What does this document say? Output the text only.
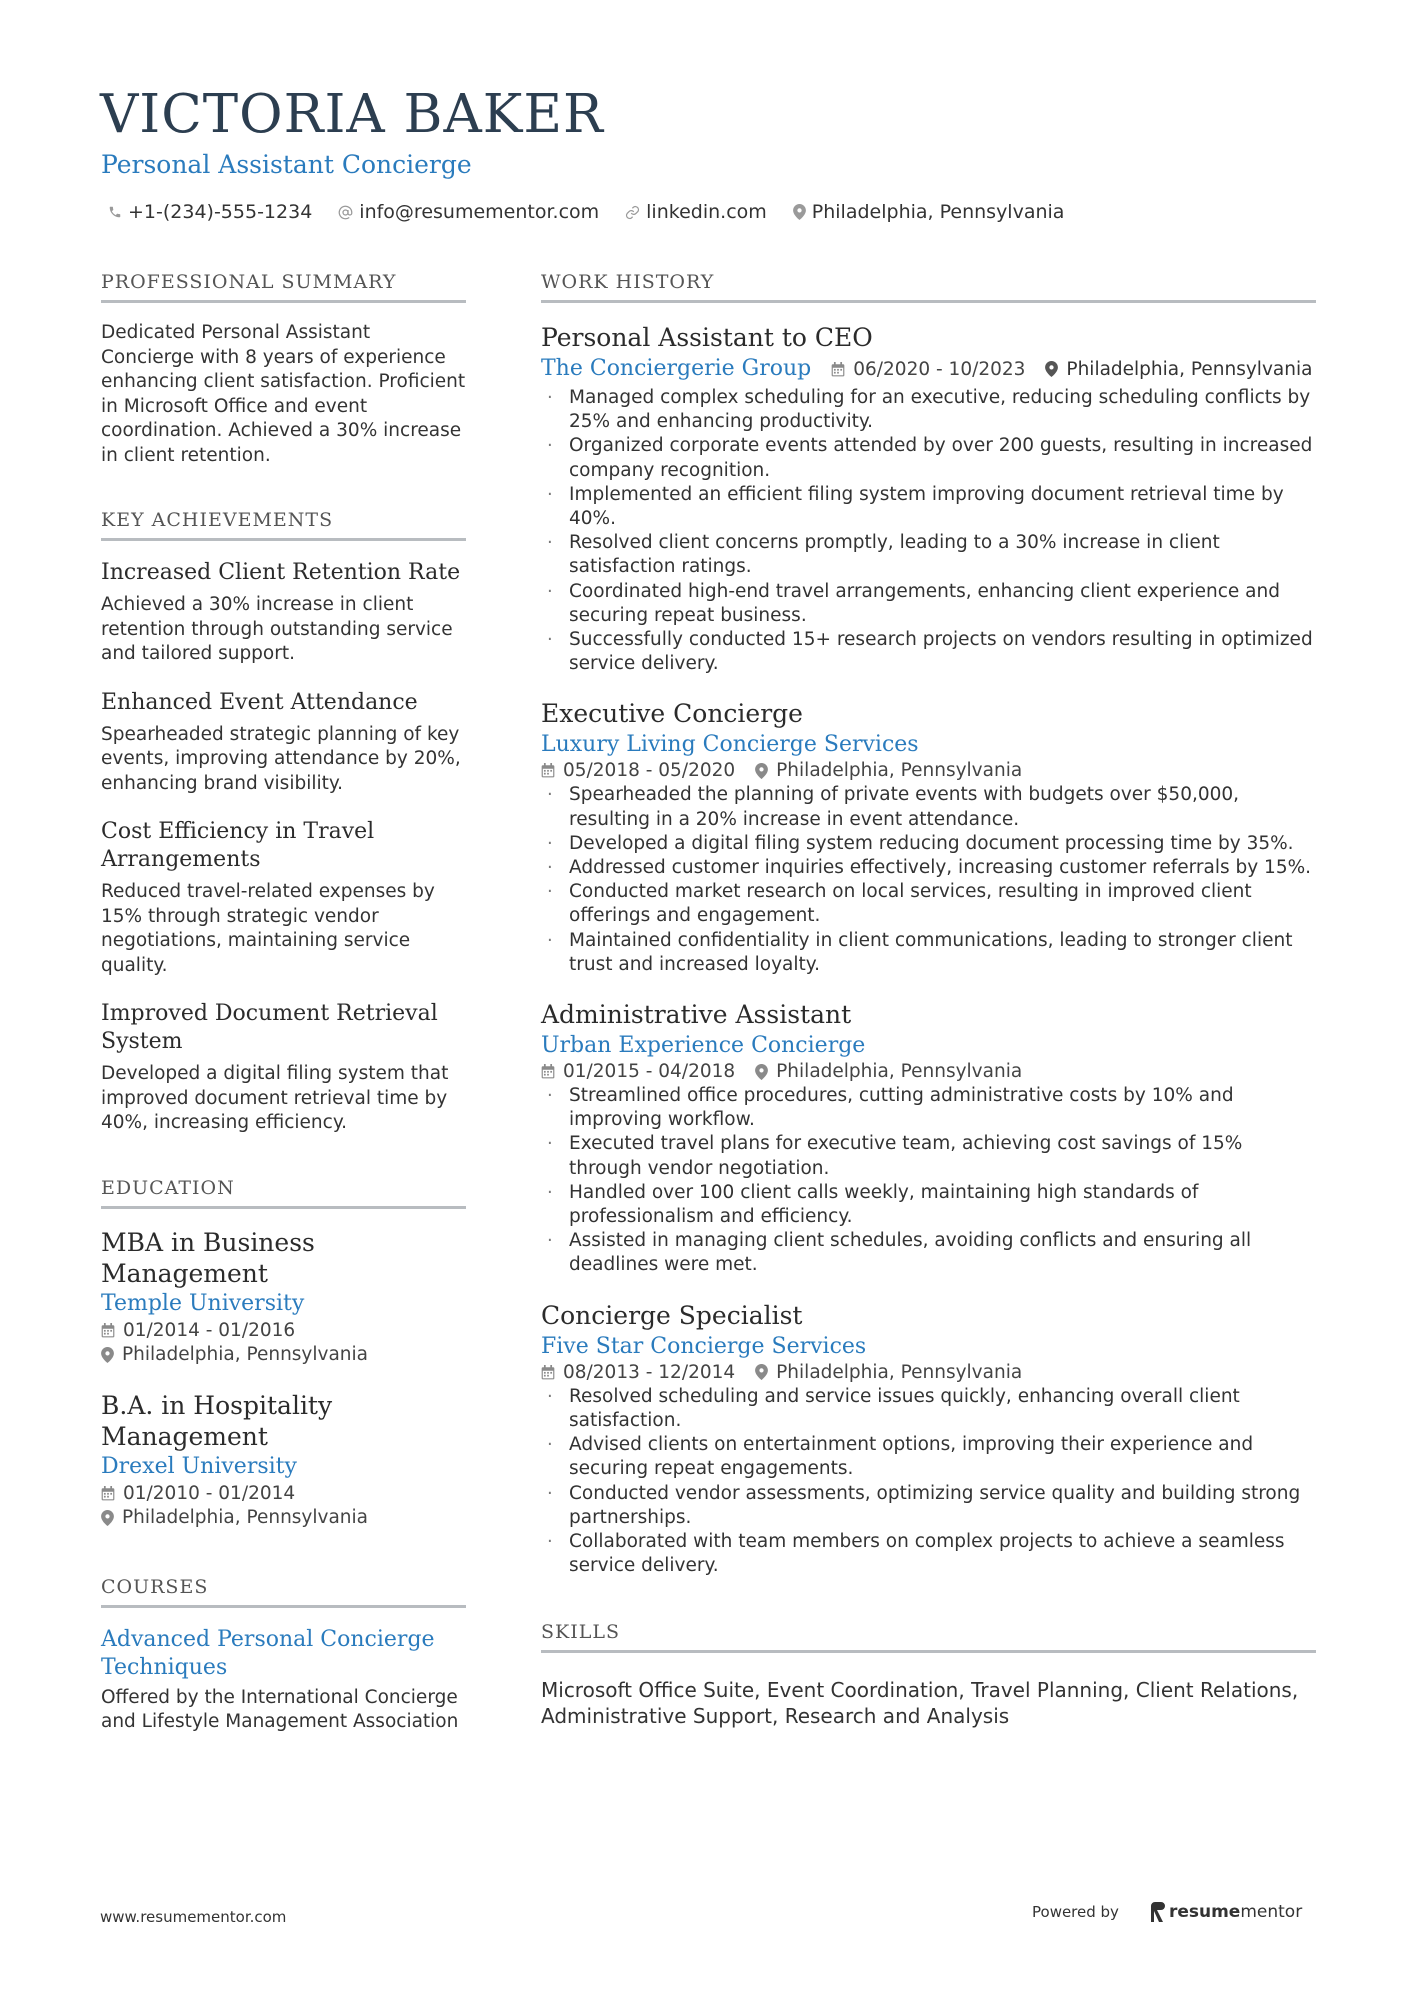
VICTORIA BAKER
Personal Assistant Concierge
+1-(234)-555-1234 info@resumementor.com linkedin.com Philadelphia, Pennsylvania
PROFESSIONAL SUMMARY
Dedicated Personal Assistant Concierge with 8 years of experience enhancing client satisfaction. Proficient in Microsoft Office and event coordination. Achieved a 30% increase in client retention.
KEY ACHIEVEMENTS
Increased Client Retention Rate
Achieved a 30% increase in client retention through outstanding service and tailored support.
Enhanced Event Attendance
Spearheaded strategic planning of key events, improving attendance by 20%, enhancing brand visibility.
Cost Efficiency in Travel Arrangements
Reduced travel-related expenses by 15% through strategic vendor negotiations, maintaining service quality.
Improved Document Retrieval System
Developed a digital filing system that improved document retrieval time by 40%, increasing efficiency.
EDUCATION
MBA in Business Management
Temple University
01/2014 - 01/2016
Philadelphia, Pennsylvania
B.A. in Hospitality Management
Drexel University
01/2010 - 01/2014
Philadelphia, Pennsylvania
COURSES
Advanced Personal Concierge Techniques
Offered by the International Concierge and Lifestyle Management Association
WORK HISTORY
Personal Assistant to CEO
The Conciergerie Group 06/2020 - 10/2023 Philadelphia, Pennsylvania
· Managed complex scheduling for an executive, reducing scheduling conflicts by 25% and enhancing productivity.
· Organized corporate events attended by over 200 guests, resulting in increased company recognition.
· Implemented an efficient filing system improving document retrieval time by 40%.
· Resolved client concerns promptly, leading to a 30% increase in client satisfaction ratings.
· Coordinated high-end travel arrangements, enhancing client experience and securing repeat business.
· Successfully conducted 15+ research projects on vendors resulting in optimized service delivery.
Executive Concierge
Luxury Living Concierge Services
05/2018 - 05/2020 Philadelphia, Pennsylvania
· Spearheaded the planning of private events with budgets over $50,000, resulting in a 20% increase in event attendance.
· Developed a digital filing system reducing document processing time by 35%.
· Addressed customer inquiries effectively, increasing customer referrals by 15%.
· Conducted market research on local services, resulting in improved client offerings and engagement.
· Maintained confidentiality in client communications, leading to stronger client trust and increased loyalty.
Administrative Assistant
Urban Experience Concierge
01/2015 - 04/2018 Philadelphia, Pennsylvania
· Streamlined office procedures, cutting administrative costs by 10% and improving workflow.
· Executed travel plans for executive team, achieving cost savings of 15% through vendor negotiation.
· Handled over 100 client calls weekly, maintaining high standards of professionalism and efficiency.
· Assisted in managing client schedules, avoiding conflicts and ensuring all deadlines were met.
Concierge Specialist
Five Star Concierge Services
08/2013 - 12/2014 Philadelphia, Pennsylvania
· Resolved scheduling and service issues quickly, enhancing overall client satisfaction.
· Advised clients on entertainment options, improving their experience and securing repeat engagements.
· Conducted vendor assessments, optimizing service quality and building strong partnerships.
· Collaborated with team members on complex projects to achieve a seamless service delivery.
SKILLS
Microsoft Office Suite, Event Coordination, Travel Planning, Client Relations, Administrative Support, Research and Analysis
www.resumementor.com	Powered by	resumementor
